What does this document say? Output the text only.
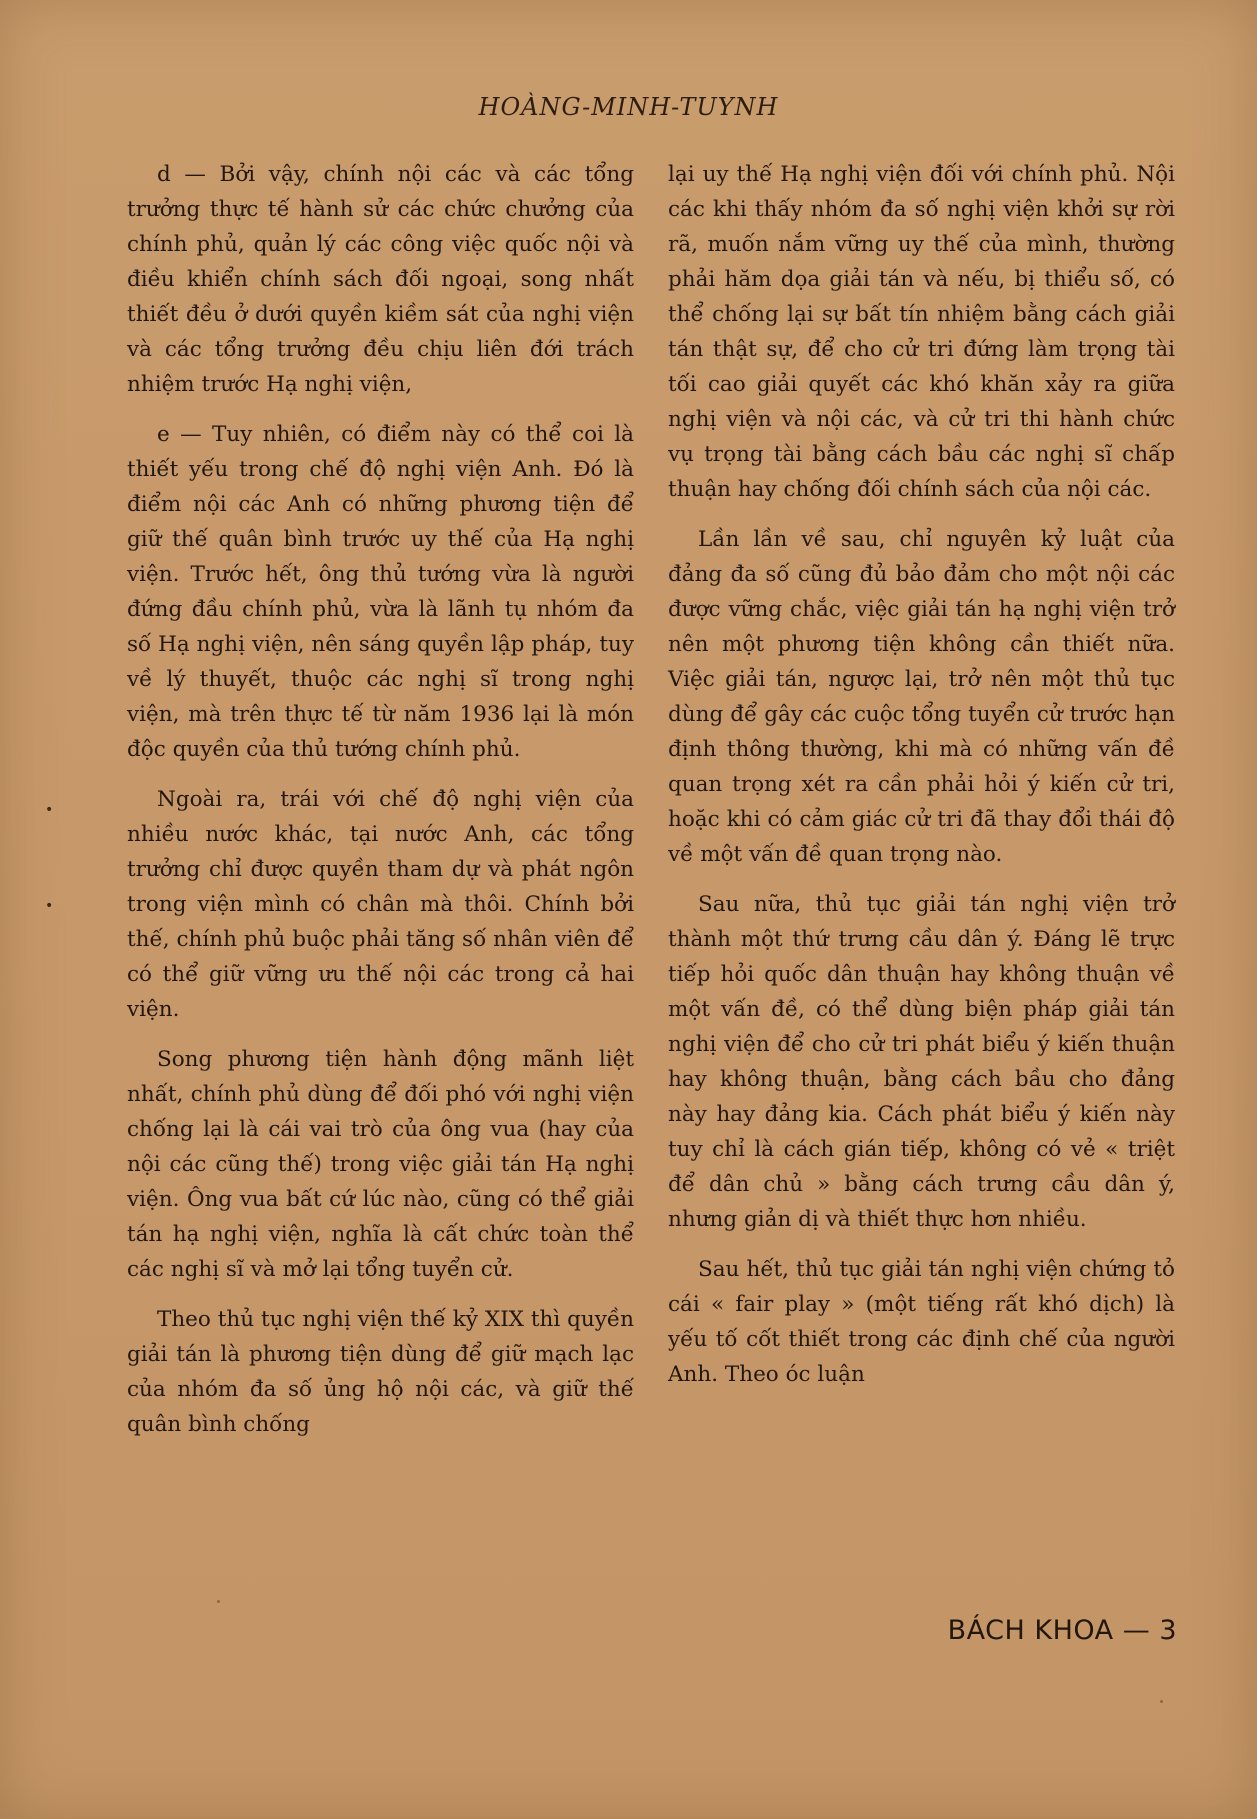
HOÀNG-MINH-TUYNH

d — Bởi vậy, chính nội các và các tổng trưởng thực tế hành sử các chức chưởng của chính phủ, quản lý các công việc quốc nội và điều khiển chính sách đối ngoại, song nhất thiết đều ở dưới quyền kiềm sát của nghị viện và các tổng trưởng đều chịu liên đới trách nhiệm trước Hạ nghị viện,

e — Tuy nhiên, có điểm này có thể coi là thiết yếu trong chế độ nghị viện Anh. Đó là điểm nội các Anh có những phương tiện để giữ thế quân bình trước uy thế của Hạ nghị viện. Trước hết, ông thủ tướng vừa là người đứng đầu chính phủ, vừa là lãnh tụ nhóm đa số Hạ nghị viện, nên sáng quyền lập pháp, tuy về lý thuyết, thuộc các nghị sĩ trong nghị viện, mà trên thực tế từ năm 1936 lại là món độc quyền của thủ tướng chính phủ.

Ngoài ra, trái với chế độ nghị viện của nhiều nước khác, tại nước Anh, các tổng trưởng chỉ được quyền tham dự và phát ngôn trong viện mình có chân mà thôi. Chính bởi thế, chính phủ buộc phải tăng số nhân viên để có thể giữ vững ưu thế nội các trong cả hai viện.

Song phương tiện hành động mãnh liệt nhất, chính phủ dùng để đối phó với nghị viện chống lại là cái vai trò của ông vua (hay của nội các cũng thế) trong việc giải tán Hạ nghị viện. Ông vua bất cứ lúc nào, cũng có thể giải tán hạ nghị viện, nghĩa là cất chức toàn thể các nghị sĩ và mở lại tổng tuyển cử.

Theo thủ tục nghị viện thế kỷ XIX thì quyền giải tán là phương tiện dùng để giữ mạch lạc của nhóm đa số ủng hộ nội các, và giữ thế quân bình chống

lại uy thế Hạ nghị viện đối với chính phủ. Nội các khi thấy nhóm đa số nghị viện khởi sự rời rã, muốn nắm vững uy thế của mình, thường phải hăm dọa giải tán và nếu, bị thiểu số, có thể chống lại sự bất tín nhiệm bằng cách giải tán thật sự, để cho cử tri đứng làm trọng tài tối cao giải quyết các khó khăn xảy ra giữa nghị viện và nội các, và cử tri thi hành chức vụ trọng tài bằng cách bầu các nghị sĩ chấp thuận hay chống đối chính sách của nội các.

Lần lần về sau, chỉ nguyên kỷ luật của đảng đa số cũng đủ bảo đảm cho một nội các được vững chắc, việc giải tán hạ nghị viện trở nên một phương tiện không cần thiết nữa. Việc giải tán, ngược lại, trở nên một thủ tục dùng để gây các cuộc tổng tuyển cử trước hạn định thông thường, khi mà có những vấn đề quan trọng xét ra cần phải hỏi ý kiến cử tri, hoặc khi có cảm giác cử tri đã thay đổi thái độ về một vấn đề quan trọng nào.

Sau nữa, thủ tục giải tán nghị viện trở thành một thứ trưng cầu dân ý. Đáng lẽ trực tiếp hỏi quốc dân thuận hay không thuận về một vấn đề, có thể dùng biện pháp giải tán nghị viện để cho cử tri phát biểu ý kiến thuận hay không thuận, bằng cách bầu cho đảng này hay đảng kia. Cách phát biểu ý kiến này tuy chỉ là cách gián tiếp, không có vẻ « triệt để dân chủ » bằng cách trưng cầu dân ý, nhưng giản dị và thiết thực hơn nhiều.

Sau hết, thủ tục giải tán nghị viện chứng tỏ cái « fair play » (một tiếng rất khó dịch) là yếu tố cốt thiết trong các định chế của người Anh. Theo óc luận

BÁCH KHOA — 3
•
•
